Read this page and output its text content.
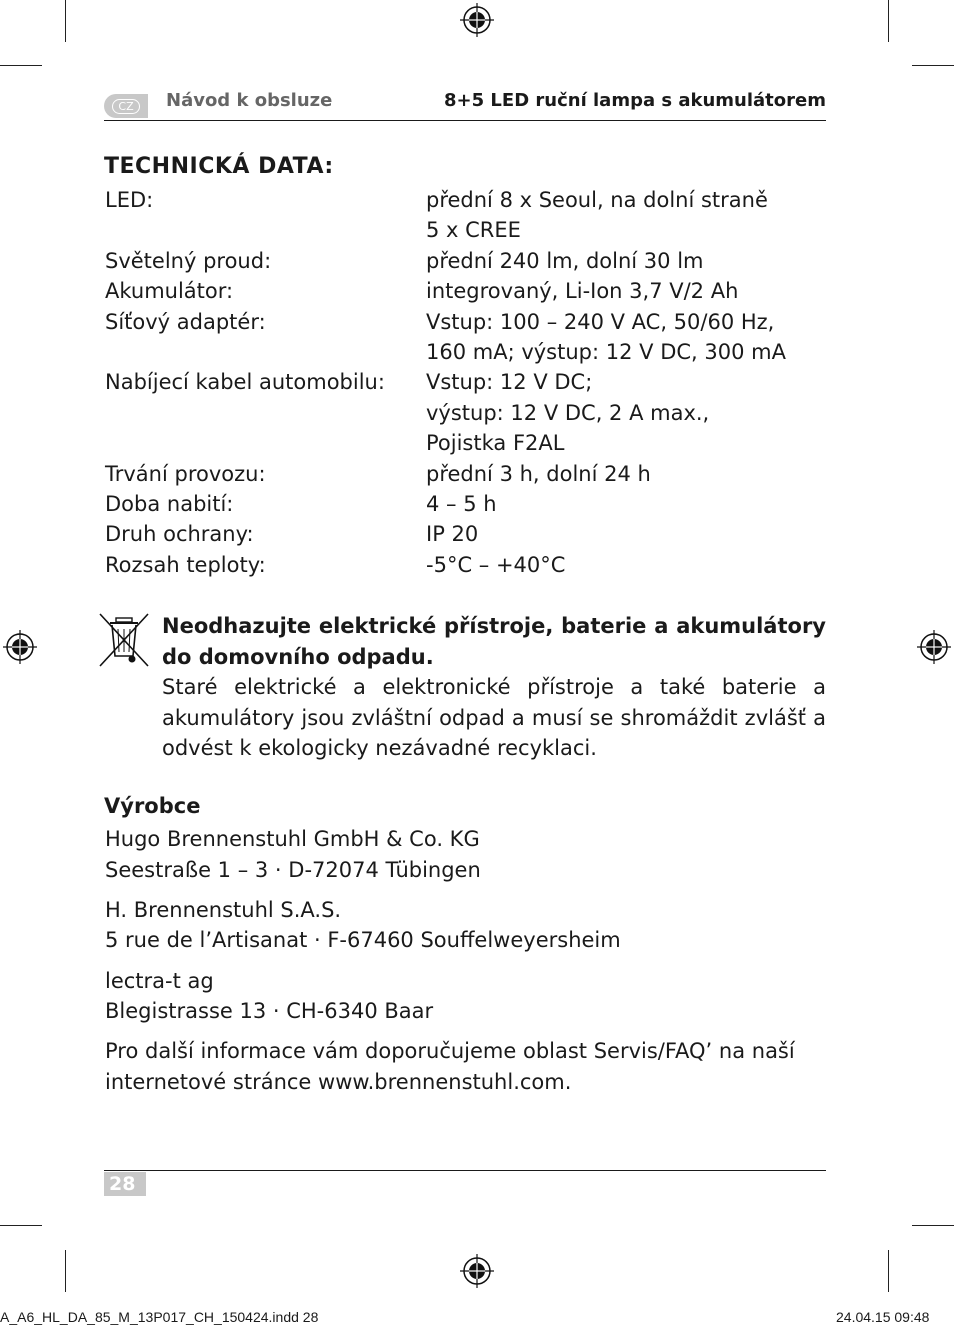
CZ	Návod k obsluze	8+5 LED ruční lampa s akumulátorem
TECHNICKÁ DATA:
LED:	přední 8 x Seoul, na dolní straně
5 x CREE
Světelný proud:	přední 240 lm, dolní 30 lm
Akumulátor:	integrovaný, Li-Ion 3,7 V/2 Ah
Síťový adaptér:	Vstup: 100 – 240 V AC, 50/60 Hz,
160 mA; výstup: 12 V DC, 300 mA
Nabíjecí kabel automobilu: Vstup: 12 V DC;
výstup: 12 V DC, 2 A max.,
Pojistka F2AL
Trvání provozu:	přední 3 h, dolní 24 h
Doba nabití:	4 – 5 h
Druh ochrany:	IP 20
Rozsah teploty:	-5°C – +40°C
Neodhazujte elektrické přístroje, baterie a akumulátory do domovního odpadu.
Staré elektrické a elektronické přístroje a také baterie a akumulátory jsou zvláštní odpad a musí se shromáždit zvlášť a odvést k ekologicky nezávadné recyklaci.
Výrobce
Hugo Brennenstuhl GmbH & Co. KG
Seestraße 1 – 3 · D-72074 Tübingen
H. Brennenstuhl S.A.S.
5 rue de l’Artisanat · F-67460 Souffelweyersheim
lectra-t ag
Blegistrasse 13 · CH-6340 Baar
Pro další informace vám doporučujeme oblast Servis/FAQ’ na naší
internetové stránce www.brennenstuhl.com.
28
A_A6_HL_DA_85_M_13P017_CH_150424.indd 28	24.04.15 09:48
